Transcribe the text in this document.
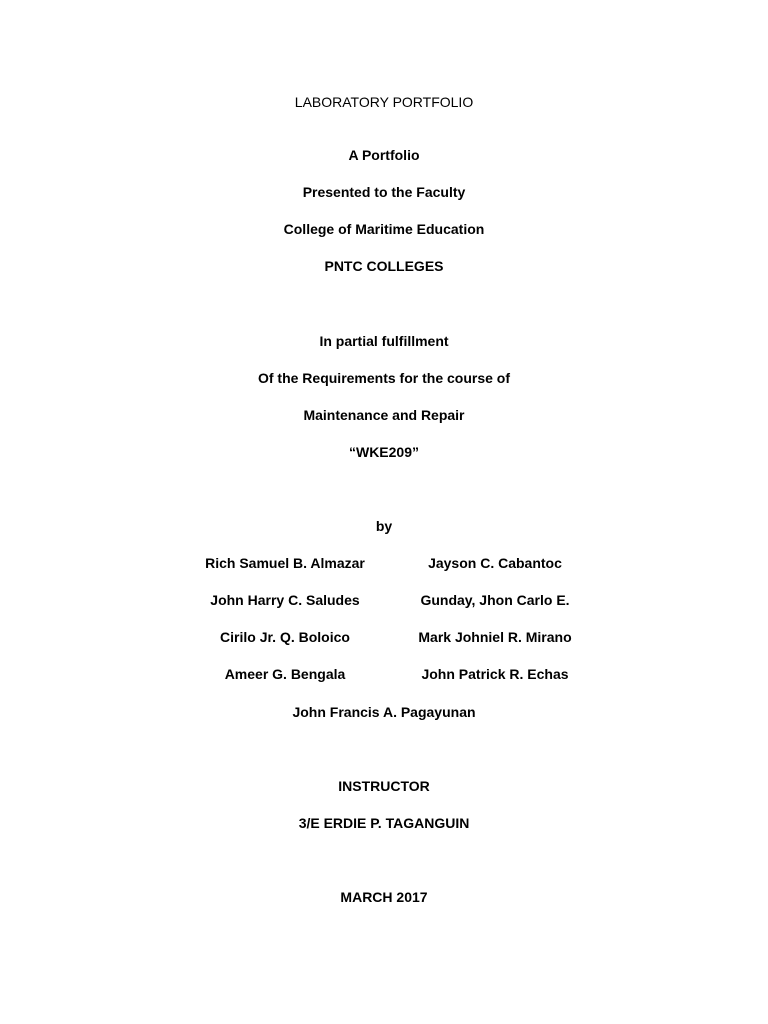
LABORATORY PORTFOLIO
A Portfolio
Presented to the Faculty
College of Maritime Education
PNTC COLLEGES
In partial fulfillment
Of the Requirements for the course of
Maintenance and Repair
“WKE209”
by
Rich Samuel B. Almazar	Jayson C. Cabantoc
John Harry C. Saludes	Gunday, Jhon Carlo E.
Cirilo Jr. Q. Boloico	Mark Johniel R. Mirano
Ameer G. Bengala	John Patrick R. Echas
John Francis A. Pagayunan
INSTRUCTOR
3/E ERDIE P. TAGANGUIN
MARCH 2017
